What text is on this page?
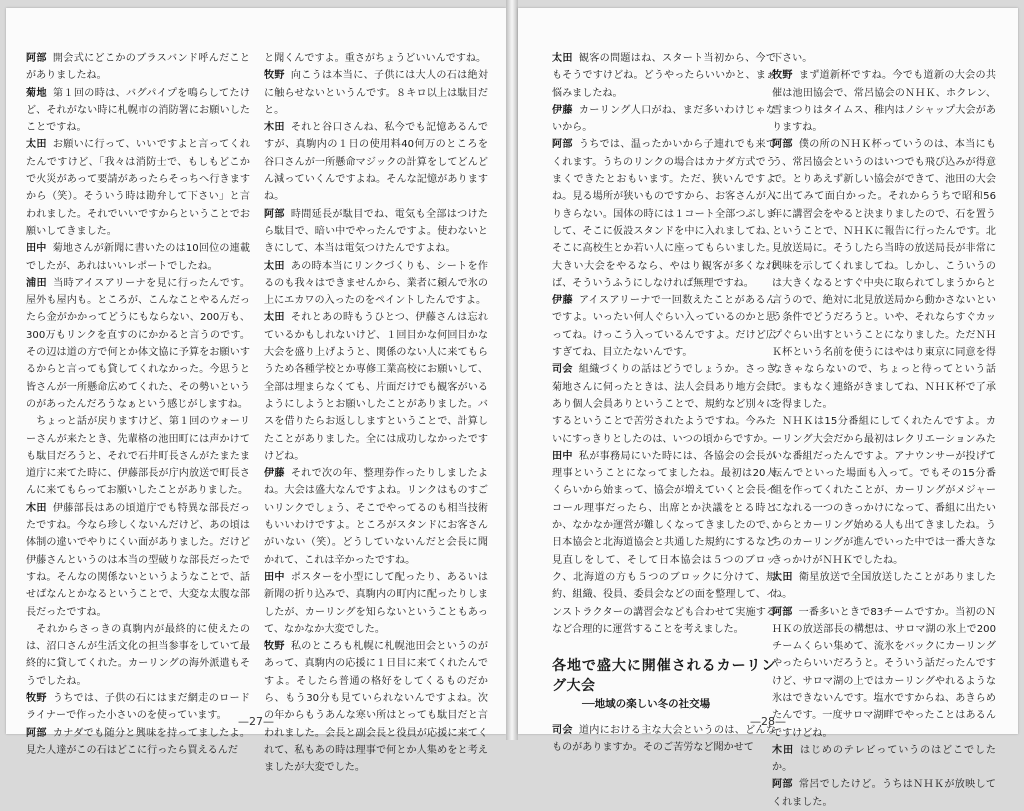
阿部 開会式にどこかのブラスバンド呼んだことがありましたね。

菊地 第１回の時は、バグパイプを鳴らしてたけど、それがない時に札幌市の消防署にお願いしたことですね。

太田 お願いに行って、いいですよと言ってくれたんですけど、「我々は消防士で、もしもどこかで火災があって要請があったらそっちへ行きますから（笑）。そういう時は勘弁して下さい」と言われました。それでいいですからということでお願いしてきました。

田中 菊地さんが新聞に書いたのは10回位の連載でしたが、あれはいいレポートでしたね。

浦田 当時アイスアリーナを見に行ったんです。屋外も屋内も。ところが、こんなことやるんだったら金がかかってどうにもならない、200万も、300万もリンクを直すのにかかると言うのです。その辺は道の方で何とか体文協に予算をお願いするからと言っても貸してくれなかった。今思うと皆さんが一所懸命広めてくれた、その勢いというのがあったんだろうなぁという感じがしますね。

ちょっと話が戻りますけど、第１回のウォーリーさんが来たとき、先輩格の池田町には声かけても駄目だろうと、それで石井町長さんがたまたま道庁に来てた時に、伊藤部長が庁内放送で町長さんに来てもらってお願いしたことがありました。

木田 伊藤部長はあの頃道庁でも特異な部長だったですね。今なら珍しくないんだけど、あの頃は体制の違いでやりにくい面がありました。だけど伊藤さんというのは本当の型破りな部長だったですね。そんなの関係ないというようなことで、話せばなんとかなるということで、大変な太腹な部長だったですね。

それからさっきの真駒内が最終的に使えたのは、沼口さんが生活文化の担当参事をしていて最終的に貸してくれた。カーリングの海外派遣もそうでしたね。

牧野 うちでは、子供の石にはまだ網走のロードライナーで作った小さいのを使っています。

阿部 カナダでも随分と興味を持ってましたよ。見た人達がこの石はどこに行ったら買えるんだ

と聞くんですよ。重さがちょうどいいんですね。

牧野 向こうは本当に、子供には大人の石は絶対に触らせないというんです。８キロ以上は駄目だと。

木田 それと谷口さんね、私今でも記憶あるんですが、真駒内の１日の使用料40何万のところを谷口さんが一所懸命マジックの計算をしてどんどん減っていくんですよね。そんな記憶がありますね。

阿部 時間延長が駄目でね、電気も全部はつけたら駄目で、暗い中でやったんですよ。使わないときにして、本当は電気つけたんですよね。

太田 あの時本当にリンクづくりも、シートを作るのも我々はできませんから、業者に頼んで氷の上にエカワの入ったのをペイントしたんですよ。

太田 それとあの時もうひとつ、伊藤さんは忘れているかもしれないけど、１回目かな何回目かな大会を盛り上げようと、関係のない人に来てもらうため各種学校とか専修工業高校にお願いして、全部は埋まらなくても、片面だけでも観客がいるようにしようとお願いしたことがありました。バスを借りたらお返ししますということで、計算したことがありました。全には成功しなかったですけどね。

伊藤 それで次の年、整理券作ったりしましたよね。大会は盛大なんですよね。リンクはものすごいリンクでしょう、そこでやってるのも相当技術もいいわけですよ。ところがスタンドにお客さんがいない（笑）。どうしていないんだと会長に聞かれて、これは辛かったですね。

田中 ポスターを小型にして配ったり、あるいは新聞の折り込みで、真駒内の町内に配ったりしましたが、カーリングを知らないということもあって、なかなか大変でした。

牧野 私のところも札幌に札幌池田会というのがあって、真駒内の応援に１日目に来てくれたんですよ。そしたら普通の格好をしてくるものだから、もう30分も見ていられないんですよね。次の年からもうあんな寒い所はとっても駄目だと言われました。会長と副会長と役員が応援に来てくれて、私もあの時は理事で何とか人集めをと考えましたが大変でした。

—27—

太田 観客の問題はね、スタート当初から、今でもそうですけどね。どうやったらいいかと、まぁ悩みましたね。

伊藤 カーリング人口がね、まだ多いわけじゃないから。

阿部 うちでは、温ったかいから子連れでも来てくれます。うちのリンクの場合はカナダ方式でうまくできたとおもいます。ただ、狭いんですよね。見る場所が狭いものですから、お客さんが入りきらない。国体の時には１コート全部つぶしまして、そこに仮設スタンドを中に入れましてね、そこに高校生とか若い人に座ってもらいました。大きい大会をやるなら、やはり観客が多くなれば、そういうふうにしなければ無理ですね。

伊藤 アイスアリーナで一回数えたことがあるんですよ。いったい何人ぐらい入っているのかと思ってね。けっこう入っているんですよ。だけど広すぎてね、目立たないんです。

司会 組織づくりの話はどうでしょうか。さっき菊地さんに伺ったときは、法人会員あり地方会員あり個人会員ありということで、規約など別々にするということで苦労されたようですね。今みたいにすっきりとしたのは、いつの頃からですか。

田中 私が事務局にいた時には、各協会の会長が理事ということになってましたね。最初は20人くらいから始まって、協会が増えていくと会長イコール理事だったら、出席とか決議をとる時とか、なかなか運営が難しくなってきましたので、日本協会と北海道協会と共通した規約にするなど見直しをして、そして日本協会は５つのブロック、北海道の方も５つのブロックに分けて、規約、組織、役員、委員会などの面を整理して、インストラクターの講習会なども合わせて実施するなど合理的に運営することを考えました。

各地で盛大に開催されるカーリング大会
──地域の楽しい冬の社交場

司会 道内における主な大会というのは、どんなものがありますか。そのご苦労など聞かせて

下さい。

牧野 まず道新杯ですね。今でも道新の大会の共催は池田協会で、常呂協会のＮＨＫ、ホクレン、雪まつりはタイムス、稚内はノシャップ大会がありますね。

阿部 僕の所のＮＨＫ杯っていうのは、本当にもう、常呂協会というのはいつでも飛び込みが得意で。とりあえず新しい協会ができて、池田の大会に出てみて面白かった。それからうちで昭和56年に講習会をやると決まりましたので、石を置うということで、ＮＨＫに報告に行ったんです。北見放送局に。そうしたら当時の放送局長が非常に興味を示してくれましてね。しかし、こういうのは大きくなるとすぐ中央に取られてしまうからと言うので、絶対に北見放送局から動かさないという条件でどうだろうと。いや、それならすぐカップぐらい出すということになりました。ただＮＨＫ杯という名前を使うにはやはり東京に同意を得なきゃならないので、ちょっと待ってという話で。まもなく連絡がきましてね、ＮＨＫ杯で了承を得ました。

ＮＨＫは15分番組にしてくれたんですよ。カーリング大会だから最初はレクリエーションみたいな番組だったんですよ。アナウンサーが投げて転んでといった場面も入って。でもその15分番組を作ってくれたことが、カーリングがメジャーになれる一つのきっかけになって、番組に出たいからとカーリング始める人も出てきましたね。うちのカーリングが進んでいった中では一番大きなきっかけがＮＨＫでしたね。

太田 衛星放送で全国放送したことがありましたね。

阿部 一番多いときで83チームですか。当初のＮＨＫの放送部長の構想は、サロマ湖の氷上で200チームくらい集めて、流氷をバックにカーリングやったらいいだろうと。そういう話だったんですけど、サロマ湖の上ではカーリングやれるような氷はできないんです。塩水ですからね、あきらめたんです。一度サロマ湖畔でやったことはあるんですけどね。

木田 はじめのテレビっていうのはどこでしたか。

阿部 常呂でしたけど。うちはＮＨＫが放映してくれました。

—28—
